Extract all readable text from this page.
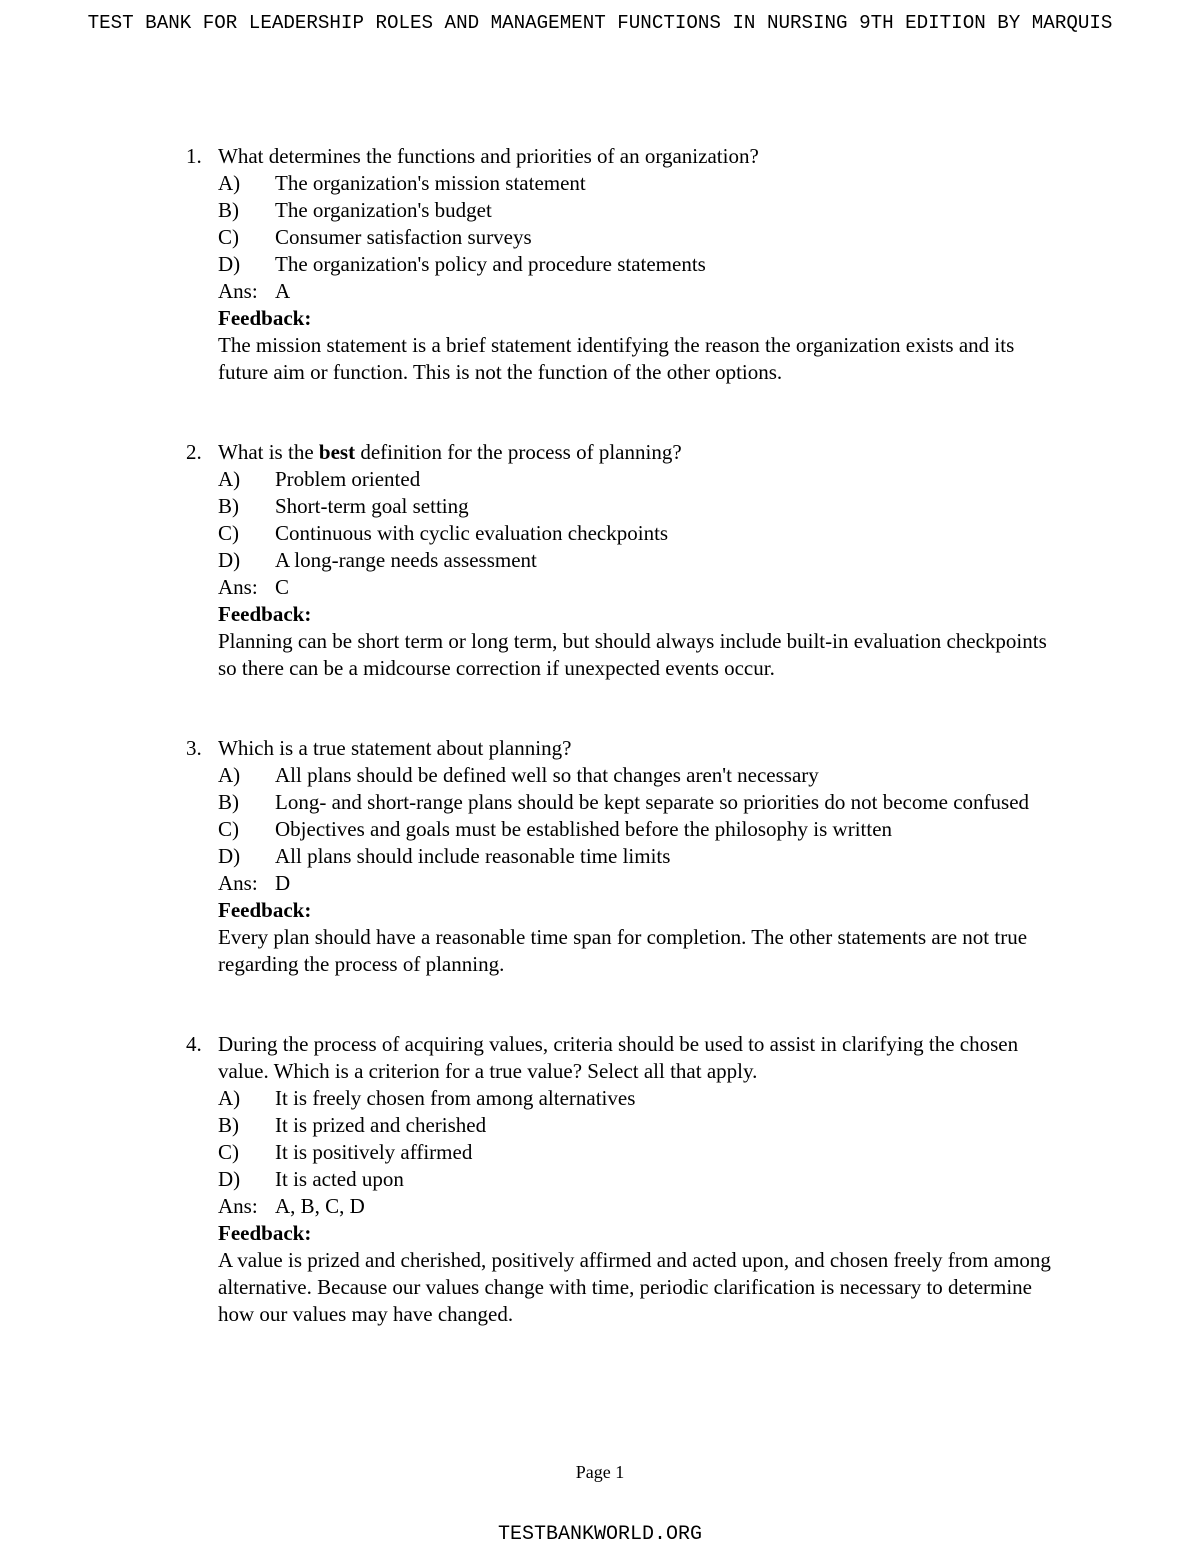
TEST BANK FOR LEADERSHIP ROLES AND MANAGEMENT FUNCTIONS IN NURSING 9TH EDITION BY MARQUIS
1. What determines the functions and priorities of an organization?
A)	The organization's mission statement
B)	The organization's budget
C)	Consumer satisfaction surveys
D)	The organization's policy and procedure statements
Ans: A
Feedback:
The mission statement is a brief statement identifying the reason the organization exists and its future aim or function. This is not the function of the other options.
2. What is the best definition for the process of planning?
A)	Problem oriented
B)	Short-term goal setting
C)	Continuous with cyclic evaluation checkpoints
D)	A long-range needs assessment
Ans: C
Feedback:
Planning can be short term or long term, but should always include built-in evaluation checkpoints so there can be a midcourse correction if unexpected events occur.
3. Which is a true statement about planning?
A)	All plans should be defined well so that changes aren't necessary
B)	Long- and short-range plans should be kept separate so priorities do not become confused
C)	Objectives and goals must be established before the philosophy is written
D)	All plans should include reasonable time limits
Ans: D
Feedback:
Every plan should have a reasonable time span for completion. The other statements are not true regarding the process of planning.
4. During the process of acquiring values, criteria should be used to assist in clarifying the chosen value. Which is a criterion for a true value? Select all that apply.
A)	It is freely chosen from among alternatives
B)	It is prized and cherished
C)	It is positively affirmed
D)	It is acted upon
Ans: A, B, C, D
Feedback:
A value is prized and cherished, positively affirmed and acted upon, and chosen freely from among alternative. Because our values change with time, periodic clarification is necessary to determine how our values may have changed.
Page 1
TESTBANKWORLD.ORG
